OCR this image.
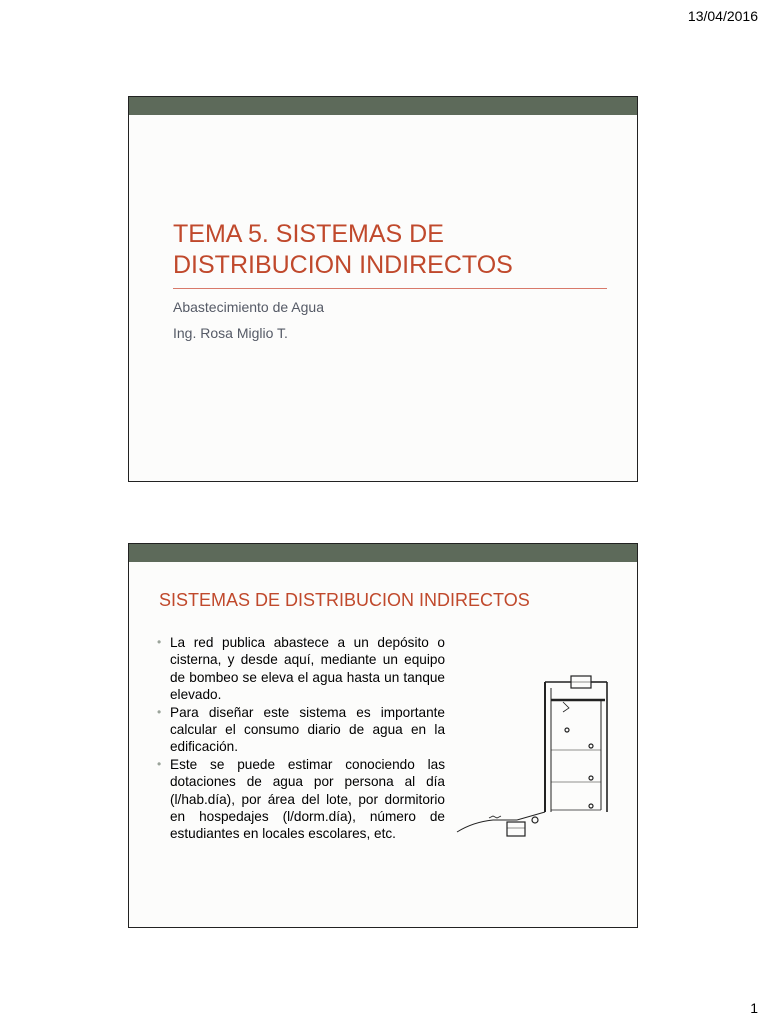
13/04/2016
TEMA 5. SISTEMAS DE
DISTRIBUCION INDIRECTOS
Abastecimiento de Agua
Ing. Rosa Miglio T.
SISTEMAS DE DISTRIBUCION INDIRECTOS
• La red publica abastece a un depósito o cisterna, y desde aquí, mediante un equipo de bombeo se eleva el agua hasta un tanque elevado.
• Para diseñar este sistema es importante calcular el consumo diario de agua en la edificación.
• Este se puede estimar conociendo las dotaciones de agua por persona al día (l/hab.día), por área del lote, por dormitorio en hospedajes (l/dorm.día), número de estudiantes en locales escolares, etc.
1
